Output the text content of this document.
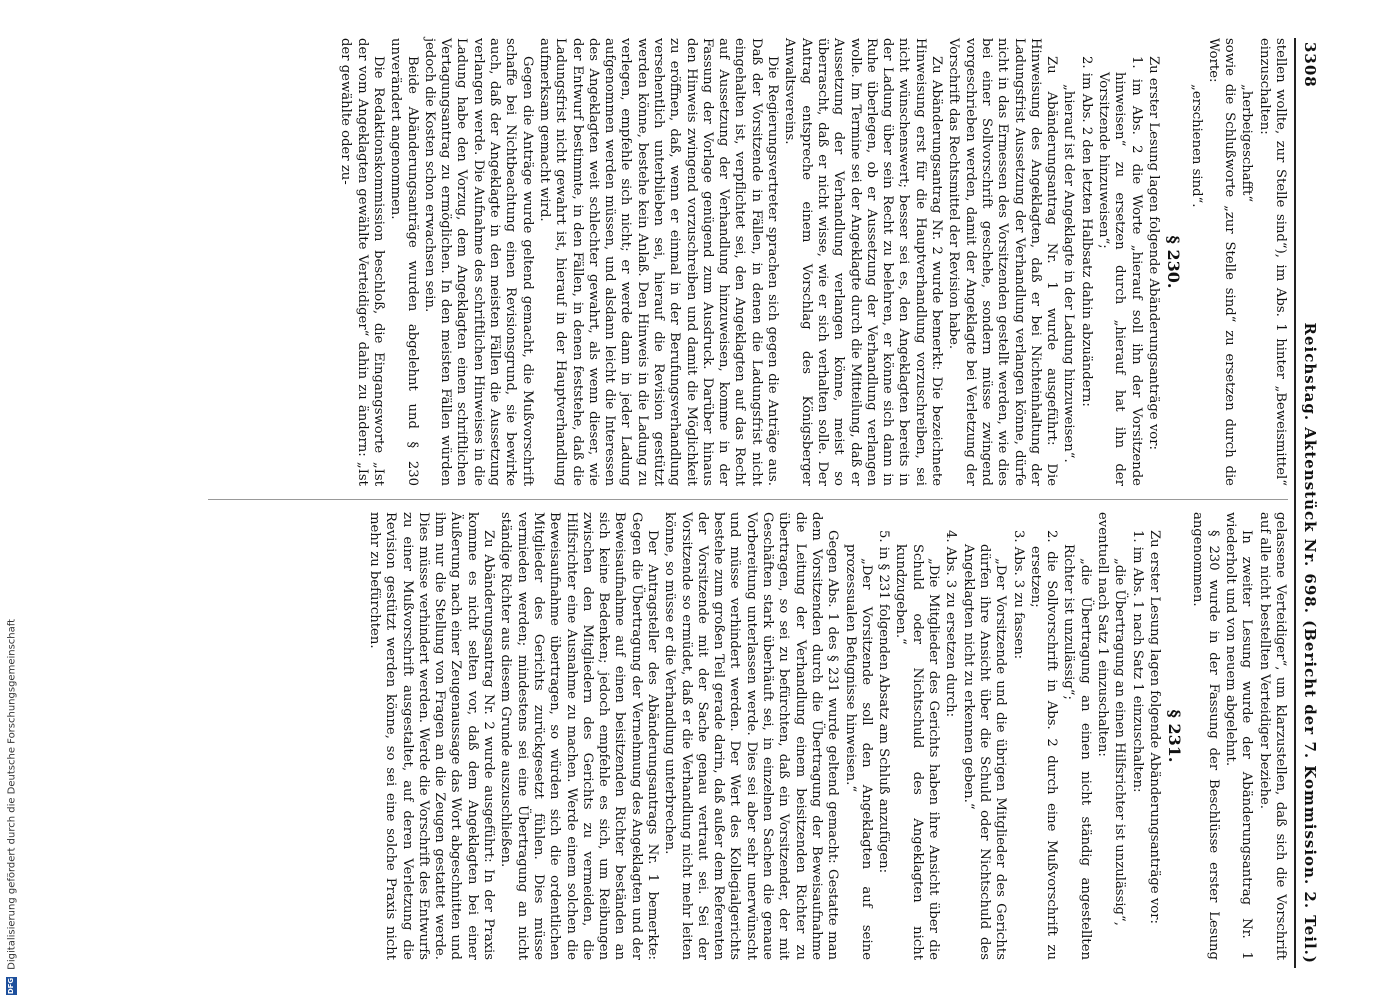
3308
Reichstag. Aktenstück Nr. 698. (Bericht der 7. Kommission. 2. Teil.)

stellen wollte, zur Stelle sind“), im Abs. 1 hinter „Beweismittel“ einzuschalten:

„herbeigeschafft“

sowie die Schlußworte „zur Stelle sind“ zu ersetzen durch die Worte:

„erschienen sind“.

§ 230.

Zu erster Lesung lagen folgende Abänderungsanträge vor:

1. im Abs. 2 die Worte „hierauf soll ihn der Vorsitzende hinweisen“ zu ersetzen durch „hierauf hat ihn der Vorsitzende hinzuweisen“;

2. im Abs. 2 den letzten Halbsatz dahin abzuändern:

„hierauf ist der Angeklagte in der Ladung hinzuweisen“.

Zu Abänderungsantrag Nr. 1 wurde ausgeführt: Die Hinweisung des Angeklagten, daß er bei Nichteinhaltung der Ladungsfrist Aussetzung der Verhandlung verlangen könne, dürfe nicht in das Ermessen des Vorsitzenden gestellt werden, wie dies bei einer Sollvorschrift geschehe, sondern müsse zwingend vorgeschrieben werden, damit der Angeklagte bei Verletzung der Vorschrift das Rechtsmittel der Revision habe.

Zu Abänderungsantrag Nr. 2 wurde bemerkt: Die bezeichnete Hinweisung erst für die Hauptverhandlung vorzuschreiben, sei nicht wünschenswert; besser sei es, den Angeklagten bereits in der Ladung über sein Recht zu belehren, er könne sich dann in Ruhe überlegen, ob er Aussetzung der Verhandlung verlangen wolle. Im Termine sei der Angeklagte durch die Mitteilung, daß er Aussetzung der Verhandlung verlangen könne, meist so überrascht, daß er nicht wisse, wie er sich verhalten solle. Der Antrag entspreche einem Vorschlag des Königsberger Anwaltsvereins.

Die Regierungsvertreter sprachen sich gegen die Anträge aus. Daß der Vorsitzende in Fällen, in denen die Ladungsfrist nicht eingehalten ist, verpflichtet sei, den Angeklagten auf das Recht auf Aussetzung der Verhandlung hinzuweisen, komme in der Fassung der Vorlage genügend zum Ausdruck. Darüber hinaus den Hinweis zwingend vorzuschreiben und damit die Möglichkeit zu eröffnen, daß, wenn er einmal in der Berufungsverhandlung versehentlich unterblieben sei, hierauf die Revision gestützt werden könne, bestehe kein Anlaß. Den Hinweis in die Ladung zu verlegen, empfehle sich nicht; er werde dann in jeder Ladung aufgenommen werden müssen, und alsdann leicht die Interessen des Angeklagten weit schlechter gewahrt, als wenn dieser, wie der Entwurf bestimmte, in den Fällen, in denen feststehe, daß die Ladungsfrist nicht gewahrt ist, hierauf in der Hauptverhandlung aufmerksam gemacht wird.

Gegen die Anträge wurde geltend gemacht, die Mußvorschrift schaffe bei Nichtbeachtung einen Revisionsgrund, sie bewirke auch, daß der Angeklagte in den meisten Fällen die Aussetzung verlangen werde. Die Aufnahme des schriftlichen Hinweises in die Ladung habe den Vorzug, dem Angeklagten einen schriftlichen Vertagungsantrag zu ermöglichen. In den meisten Fällen würden jedoch die Kosten schon erwachsen sein.

Beide Abänderungsanträge wurden abgelehnt und § 230 unverändert angenommen.

Die Redaktionskommission beschloß, die Eingangsworte „Ist der vom Angeklagten gewählte Verteidiger“ dahin zu ändern: „Ist der gewählte oder zu-

gelassene Verteidiger“, um klarzustellen, daß sich die Vorschrift auf alle nicht bestellten Verteidiger beziehe.

In zweiter Lesung wurde der Abänderungsantrag Nr. 1 wiederholt und von neuem abgelehnt.

§ 230 wurde in der Fassung der Beschlüsse erster Lesung angenommen.

§ 231.

Zu erster Lesung lagen folgende Abänderungsanträge vor:

1. im Abs. 1 nach Satz 1 einzuschalten:

„die Übertragung an einen Hilfsrichter ist unzulässig“,

eventuell nach Satz 1 einzuschalten:

„die Übertragung an einen nicht ständig angestellten Richter ist unzulässig“;

2. die Sollvorschrift in Abs. 2 durch eine Mußvorschrift zu ersetzen;

3. Abs. 3 zu fassen:

„Der Vorsitzende und die übrigen Mitglieder des Gerichts dürfen ihre Ansicht über die Schuld oder Nichtschuld des Angeklagten nicht zu erkennen geben.“

4. Abs. 3 zu ersetzen durch:

„Die Mitglieder des Gerichts haben ihre Ansicht über die Schuld oder Nichtschuld des Angeklagten nicht kundzugeben.“

5. in § 231 folgenden Absatz am Schluß anzufügen:

„Der Vorsitzende soll den Angeklagten auf seine prozessualen Befugnisse hinweisen.“

Gegen Abs. 1 des § 231 wurde geltend gemacht: Gestatte man dem Vorsitzenden durch die Übertragung der Beweisaufnahme die Leitung der Verhandlung einem beisitzenden Richter zu übertragen, so sei zu befürchten, daß ein Vorsitzender, der mit Geschäften stark überhäuft sei, in einzelnen Sachen die genaue Vorbereitung unterlassen werde. Dies sei aber sehr unerwünscht und müsse verhindert werden. Der Wert des Kollegialgerichts bestehe zum großen Teil gerade darin, daß außer dem Referenten der Vorsitzende mit der Sache genau vertraut sei. Sei der Vorsitzende so ermüdet, daß er die Verhandlung nicht mehr leiten könne, so müsse er die Verhandlung unterbrechen.

Der Antragsteller des Abänderungsantrags Nr. 1 bemerkte: Gegen die Übertragung der Vernehmung des Angeklagten und der Beweisaufnahme auf einen beisitzenden Richter beständen an sich keine Bedenken; jedoch empfehle es sich, um Reibungen zwischen den Mitgliedern des Gerichts zu vermeiden, die Hilfsrichter eine Ausnahme zu machen. Werde einem solchen die Beweisaufnahme übertragen, so würden sich die ordentlichen Mitglieder des Gerichts zurückgesetzt fühlen. Dies müsse vermieden werden; mindestens sei eine Übertragung an nicht ständige Richter aus diesem Grunde auszuschließen.

Zu Abänderungsantrag Nr. 2 wurde ausgeführt: In der Praxis komme es nicht selten vor, daß dem Angeklagten bei einer Äußerung nach einer Zeugenaussage das Wort abgeschnitten und ihm nur die Stellung von Fragen an die Zeugen gestattet werde. Dies müsse verhindert werden. Werde die Vorschrift des Entwurfs zu einer Mußvorschrift ausgestaltet, auf deren Verletzung die Revision gestützt werden könne, so sei eine solche Praxis nicht mehr zu befürchten.

DFG Digitalisierung gefördert durch die Deutsche Forschungsgemeinschaft
